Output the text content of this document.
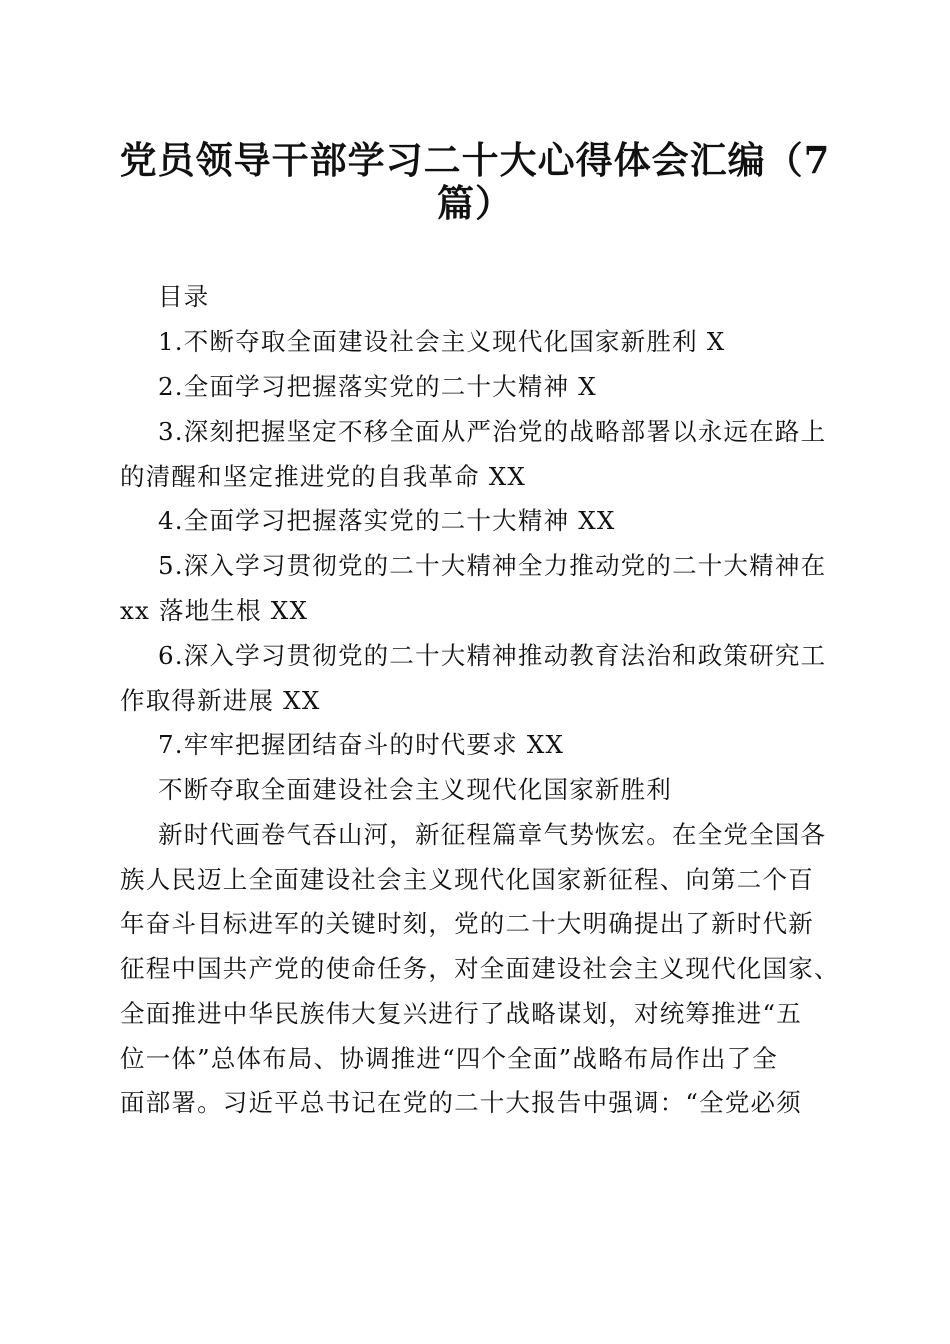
党员领导干部学习二十大心得体会汇编（7
篇）
目录
1.不断夺取全面建设社会主义现代化国家新胜利 X
2.全面学习把握落实党的二十大精神 X
3.深刻把握坚定不移全面从严治党的战略部署以永远在路上
的清醒和坚定推进党的自我革命 XX
4.全面学习把握落实党的二十大精神 XX
5.深入学习贯彻党的二十大精神全力推动党的二十大精神在
xx 落地生根 XX
6.深入学习贯彻党的二十大精神推动教育法治和政策研究工
作取得新进展 XX
7.牢牢把握团结奋斗的时代要求 XX
不断夺取全面建设社会主义现代化国家新胜利
新时代画卷气吞山河，新征程篇章气势恢宏。在全党全国各
族人民迈上全面建设社会主义现代化国家新征程、向第二个百
年奋斗目标进军的关键时刻，党的二十大明确提出了新时代新
征程中国共产党的使命任务，对全面建设社会主义现代化国家、
全面推进中华民族伟大复兴进行了战略谋划，对统筹推进“五
位一体”总体布局、协调推进“四个全面”战略布局作出了全
面部署。习近平总书记在党的二十大报告中强调：“全党必须
